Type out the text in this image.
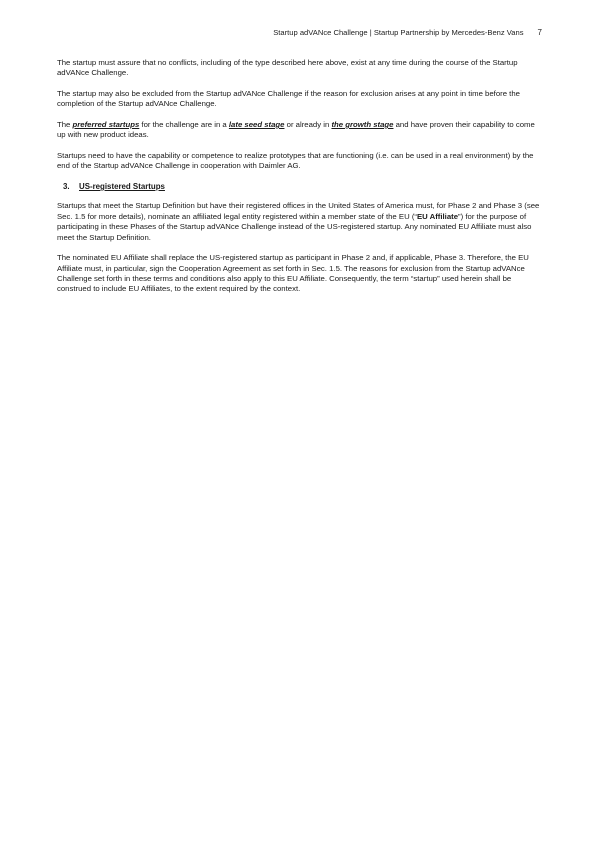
Startup adVANce Challenge | Startup Partnership by Mercedes-Benz Vans 7

The startup must assure that no conflicts, including of the type described here above, exist at any time during the course of the Startup adVANce Challenge.

The startup may also be excluded from the Startup adVANce Challenge if the reason for exclusion arises at any point in time before the completion of the Startup adVANce Challenge.

The preferred startups for the challenge are in a late seed stage or already in the growth stage and have proven their capability to come up with new product ideas.

Startups need to have the capability or competence to realize prototypes that are functioning (i.e. can be used in a real environment) by the end of the Startup adVANce Challenge in cooperation with Daimler AG.

3. US-registered Startups

Startups that meet the Startup Definition but have their registered offices in the United States of America must, for Phase 2 and Phase 3 (see Sec. 1.5 for more details), nominate an affiliated legal entity registered within a member state of the EU (“EU Affiliate”) for the purpose of participating in these Phases of the Startup adVANce Challenge instead of the US-registered startup. Any nominated EU Affiliate must also meet the Startup Definition.

The nominated EU Affiliate shall replace the US-registered startup as participant in Phase 2 and, if applicable, Phase 3. Therefore, the EU Affiliate must, in particular, sign the Cooperation Agreement as set forth in Sec. 1.5. The reasons for exclusion from the Startup adVANce Challenge set forth in these terms and conditions also apply to this EU Affiliate. Consequently, the term “startup” used herein shall be construed to include EU Affiliates, to the extent required by the context.
